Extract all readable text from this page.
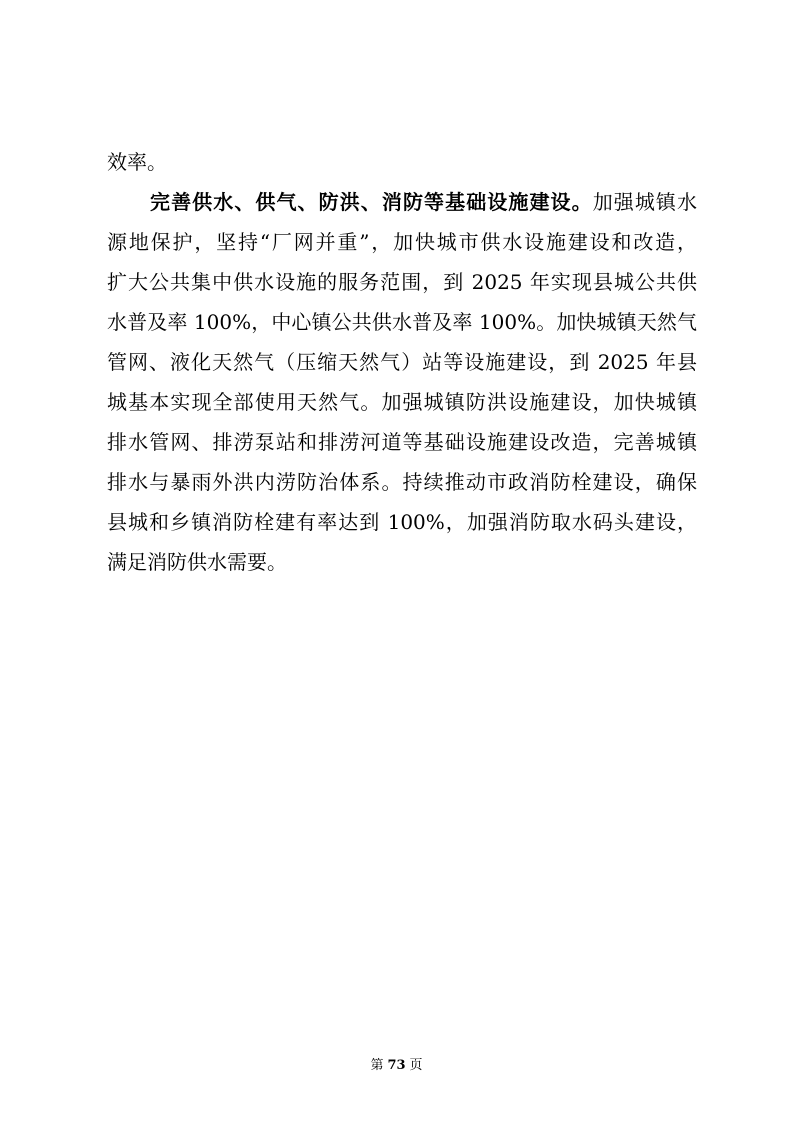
效率。
完善供水、供气、防洪、消防等基础设施建设。加强城镇水
源地保护，坚持“厂网并重”，加快城市供水设施建设和改造，
扩大公共集中供水设施的服务范围，到 2025 年实现县城公共供
水普及率 100%，中心镇公共供水普及率 100%。加快城镇天然气
管网、液化天然气（压缩天然气）站等设施建设，到 2025 年县
城基本实现全部使用天然气。加强城镇防洪设施建设，加快城镇
排水管网、排涝泵站和排涝河道等基础设施建设改造，完善城镇
排水与暴雨外洪内涝防治体系。持续推动市政消防栓建设，确保
县城和乡镇消防栓建有率达到 100%，加强消防取水码头建设，
满足消防供水需要。
第 73 页
